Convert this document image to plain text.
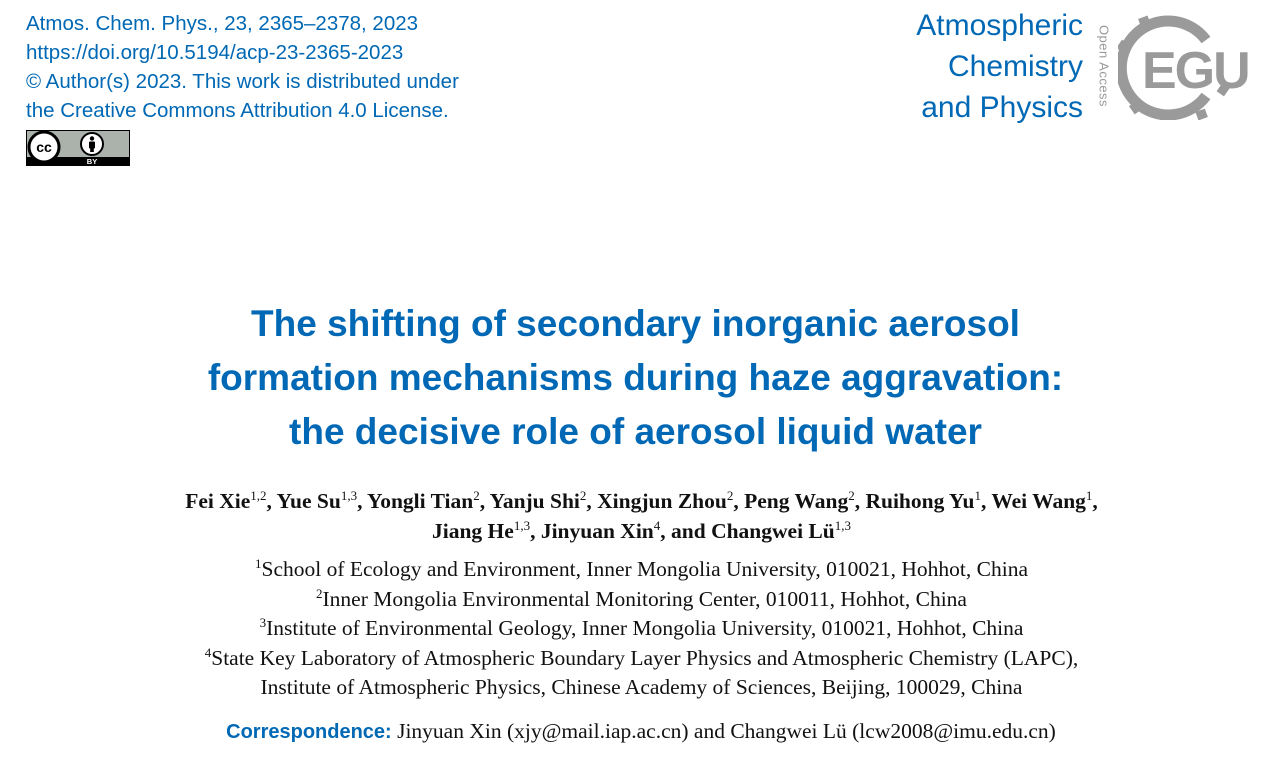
Atmos. Chem. Phys., 23, 2365–2378, 2023
https://doi.org/10.5194/acp-23-2365-2023
© Author(s) 2023. This work is distributed under
the Creative Commons Attribution 4.0 License.
cc
BY
Atmospheric
Chemistry
and Physics
Open Access EGU
The shifting of secondary inorganic aerosol
formation mechanisms during haze aggravation:
the decisive role of aerosol liquid water
Fei Xie$^{1,2}$, Yue Su$^{1,3}$, Yongli Tian$^2$, Yanju Shi$^2$, Xingjun Zhou$^2$, Peng Wang$^2$, Ruihong Yu$^1$, Wei Wang$^1$,
Jiang He$^{1,3}$, Jinyuan Xin$^4$, and Changwei Lü$^{1,3}$
$^1$School of Ecology and Environment, Inner Mongolia University, 010021, Hohhot, China
$^2$Inner Mongolia Environmental Monitoring Center, 010011, Hohhot, China
$^3$Institute of Environmental Geology, Inner Mongolia University, 010021, Hohhot, China
$^4$State Key Laboratory of Atmospheric Boundary Layer Physics and Atmospheric Chemistry (LAPC),
Institute of Atmospheric Physics, Chinese Academy of Sciences, Beijing, 100029, China
Correspondence: Jinyuan Xin (xjy@mail.iap.ac.cn) and Changwei Lü (lcw2008@imu.edu.cn)
